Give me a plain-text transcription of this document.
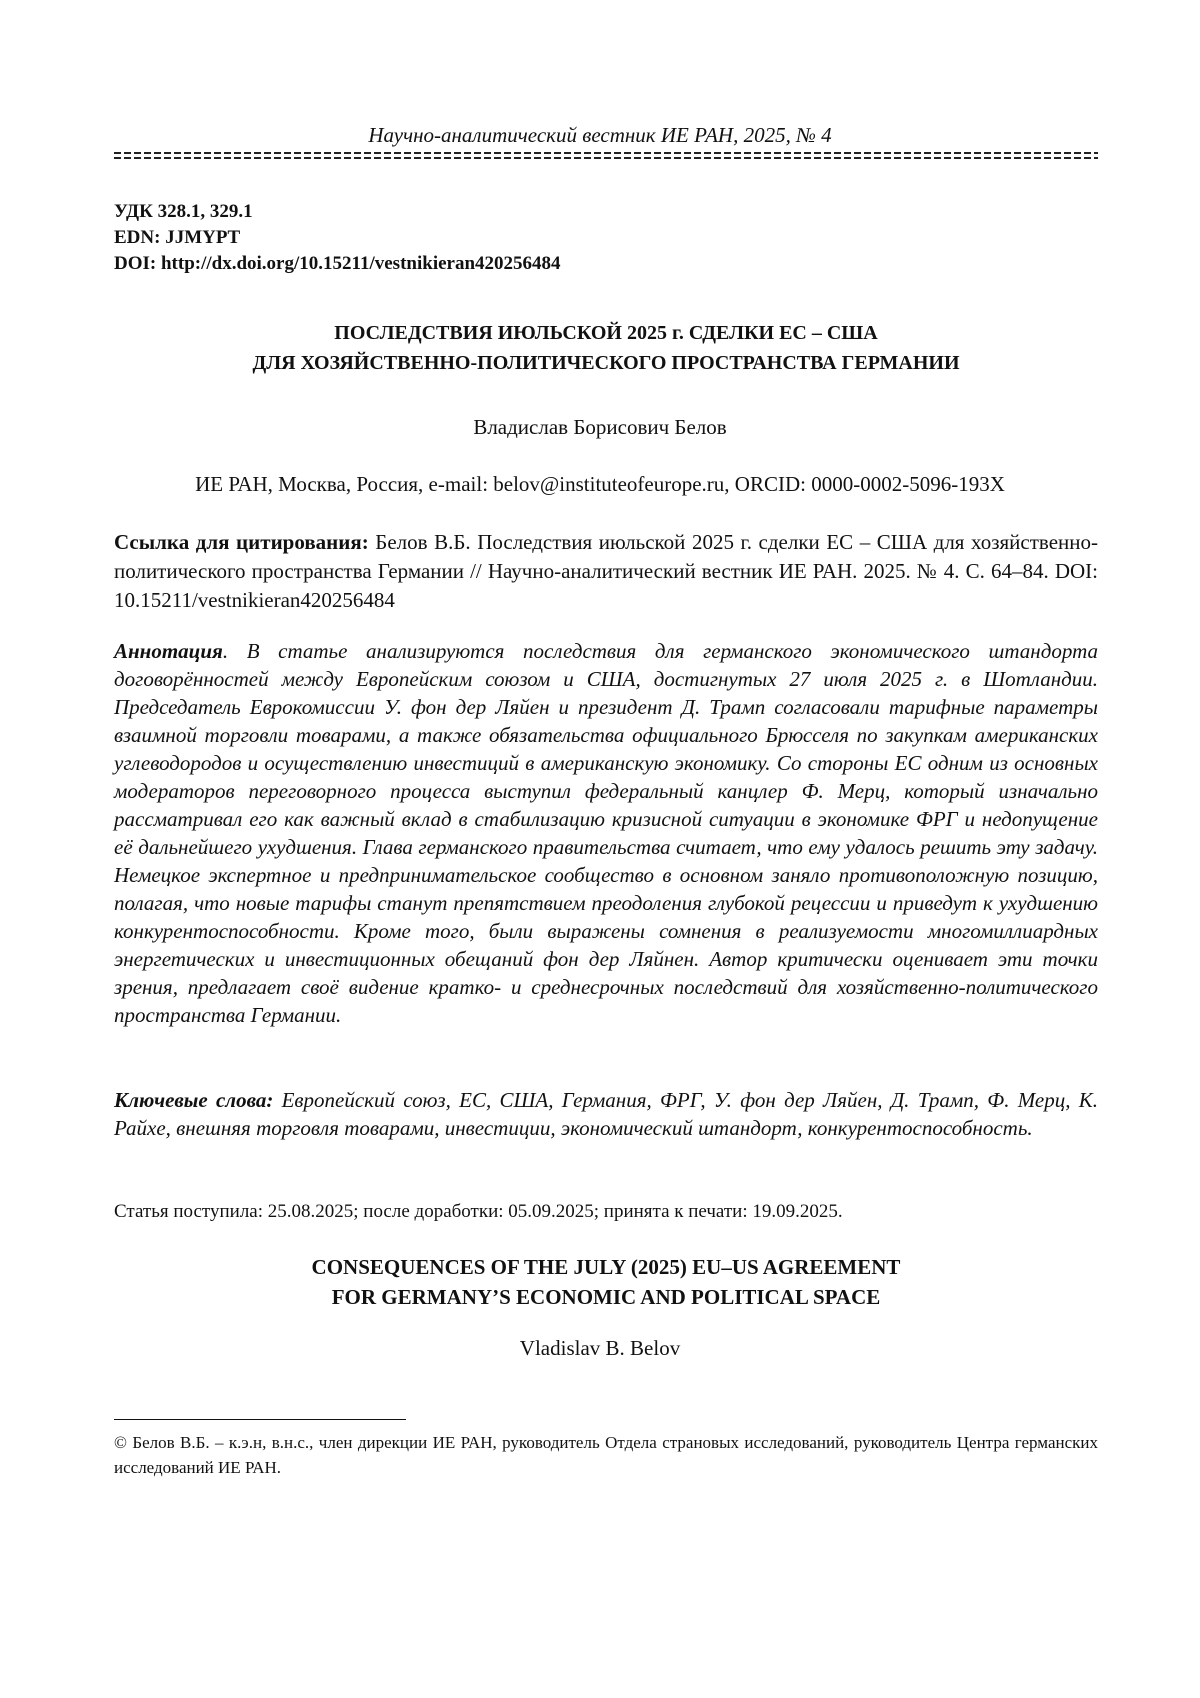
Научно-аналитический вестник ИЕ РАН, 2025, № 4
УДК 328.1, 329.1
EDN: JJMYPT
DOI: http://dx.doi.org/10.15211/vestnikieran420256484
ПОСЛЕДСТВИЯ ИЮЛЬСКОЙ 2025 г. СДЕЛКИ ЕС – США
ДЛЯ ХОЗЯЙСТВЕННО-ПОЛИТИЧЕСКОГО ПРОСТРАНСТВА ГЕРМАНИИ
Владислав Борисович Белов
ИЕ РАН, Москва, Россия, e-mail: belov@instituteofeurope.ru, ORCID: 0000-0002-5096-193X
Ссылка для цитирования: Белов В.Б. Последствия июльской 2025 г. сделки ЕС – США для хозяйственно-политического пространства Германии // Научно-аналитический вестник ИЕ РАН. 2025. № 4. С. 64–84. DOI: 10.15211/vestnikieran420256484
Аннотация. В статье анализируются последствия для германского экономического штандорта договорённостей между Европейским союзом и США, достигнутых 27 июля 2025 г. в Шотландии. Председатель Еврокомиссии У. фон дер Ляйен и президент Д. Трамп согласовали тарифные параметры взаимной торговли товарами, а также обязательства официального Брюсселя по закупкам американских углеводородов и осуществлению инвестиций в американскую экономику. Со стороны ЕС одним из основных модераторов переговорного процесса выступил федеральный канцлер Ф. Мерц, который изначально рассматривал его как важный вклад в стабилизацию кризисной ситуации в экономике ФРГ и недопущение её дальнейшего ухудшения. Глава германского правительства считает, что ему удалось решить эту задачу. Немецкое экспертное и предпринимательское сообщество в основном заняло противоположную позицию, полагая, что новые тарифы станут препятствием преодоления глубокой рецессии и приведут к ухудшению конкурентоспособности. Кроме того, были выражены сомнения в реализуемости многомиллиардных энергетических и инвестиционных обещаний фон дер Ляйнен. Автор критически оценивает эти точки зрения, предлагает своё видение кратко- и среднесрочных последствий для хозяйственно-политического пространства Германии.
Ключевые слова: Европейский союз, ЕС, США, Германия, ФРГ, У. фон дер Ляйен, Д. Трамп, Ф. Мерц, К. Райхе, внешняя торговля товарами, инвестиции, экономический штандорт, конкурентоспособность.
Статья поступила: 25.08.2025; после доработки: 05.09.2025; принята к печати: 19.09.2025.
CONSEQUENCES OF THE JULY (2025) EU–US AGREEMENT
FOR GERMANY’S ECONOMIC AND POLITICAL SPACE
Vladislav B. Belov
© Белов В.Б. – к.э.н, в.н.с., член дирекции ИЕ РАН, руководитель Отдела страновых исследований, руководитель Центра германских исследований ИЕ РАН.
